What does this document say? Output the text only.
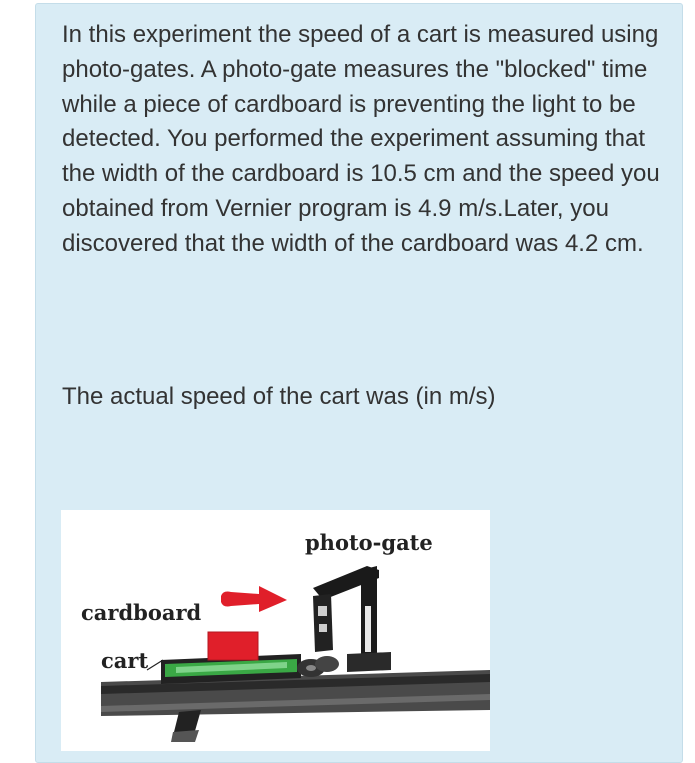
In this experiment the speed of a cart is measured using photo-gates. A photo-gate measures the "blocked" time while a piece of cardboard is preventing the light to be detected. You performed the experiment assuming that the width of the cardboard is 10.5 cm and the speed you obtained from Vernier program is 4.9 m/s.Later, you discovered that the width of the cardboard was 4.2 cm.

The actual speed of the cart was (in m/s)

photo-gate
cardboard
cart
